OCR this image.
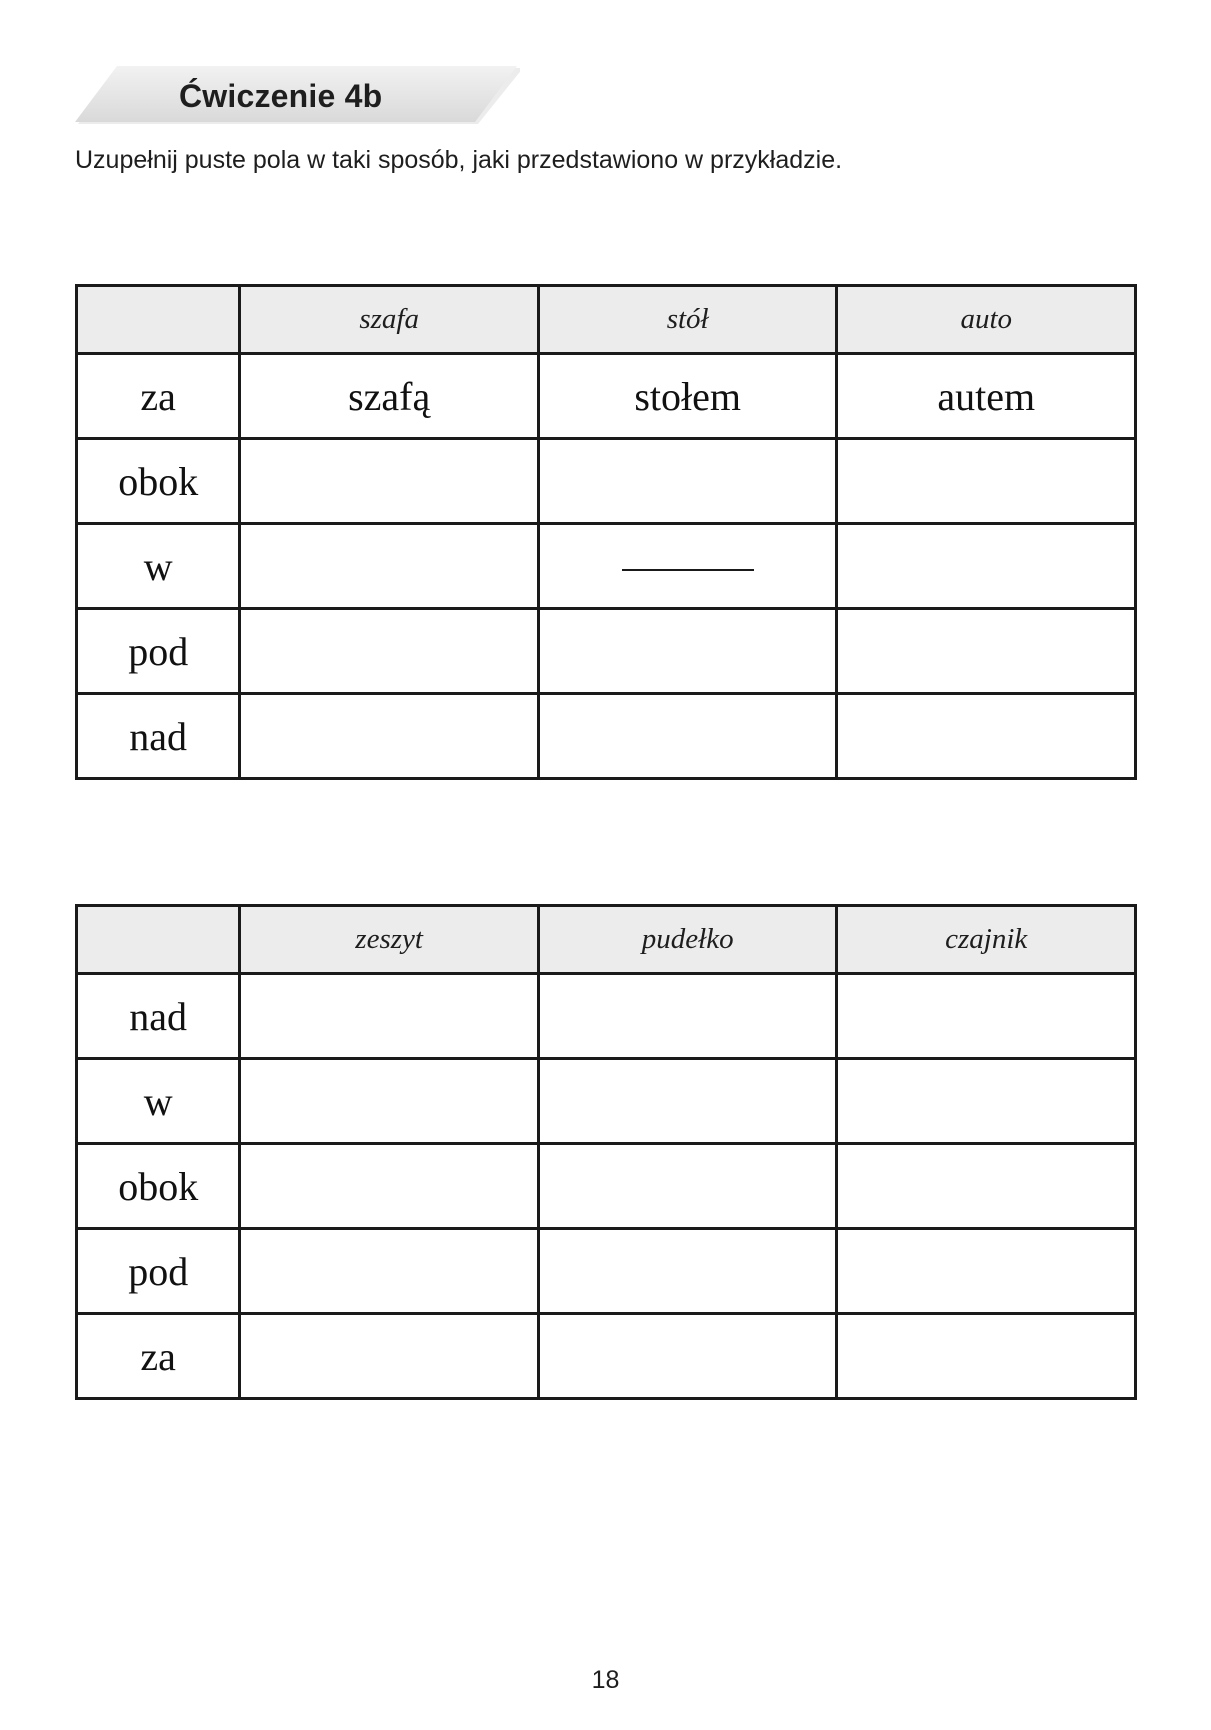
Ćwiczenie 4b
Uzupełnij puste pola w taki sposób, jaki przedstawiono w przykładzie.
	szafa	stół	auto
za	szafą	stołem	autem
obok			
w			
pod			
nad			
	zeszyt	pudełko	czajnik
nad			
w			
obok			
pod			
za			
18
